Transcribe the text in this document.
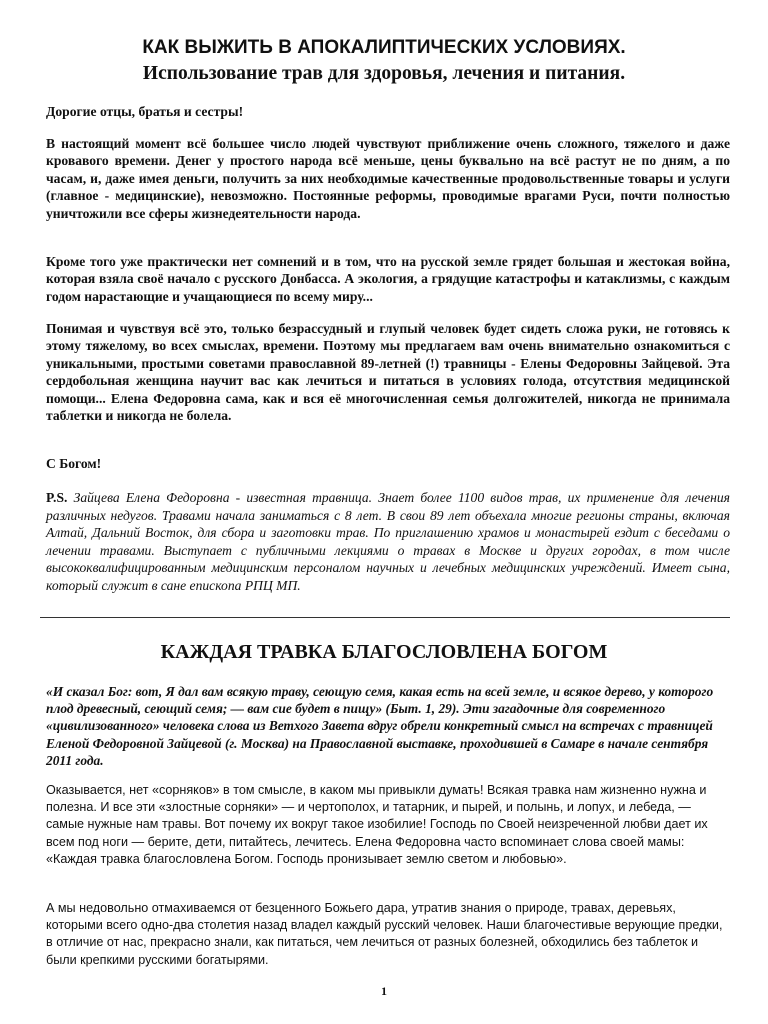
КАК ВЫЖИТЬ В АПОКАЛИПТИЧЕСКИХ УСЛОВИЯХ.
Использование трав для здоровья, лечения и питания.

Дорогие отцы, братья и сестры!

В настоящий момент всё большее число людей чувствуют приближение очень сложного, тяжелого и даже кровавого времени. Денег у простого народа всё меньше, цены буквально на всё растут не по дням, а по часам, и, даже имея деньги, получить за них необходимые качественные продовольственные товары и услуги (главное - медицинские), невозможно. Постоянные реформы, проводимые врагами Руси, почти полностью уничтожили все сферы жизнедеятельности народа.

Кроме того уже практически нет сомнений и в том, что на русской земле грядет большая и жестокая война, которая взяла своё начало с русского Донбасса. А экология, а грядущие катастрофы и катаклизмы, с каждым годом нарастающие и учащающиеся по всему миру...

Понимая и чувствуя всё это, только безрассудный и глупый человек будет сидеть сложа руки, не готовясь к этому тяжелому, во всех смыслах, времени. Поэтому мы предлагаем вам очень внимательно ознакомиться с уникальными, простыми советами православной 89-летней (!) травницы - Елены Федоровны Зайцевой. Эта сердобольная женщина научит вас как лечиться и питаться в условиях голода, отсутствия медицинской помощи... Елена Федоровна сама, как и вся её многочисленная семья долгожителей, никогда не принимала таблетки и никогда не болела.

С Богом!

P.S. Зайцева Елена Федоровна - известная травница. Знает более 1100 видов трав, их применение для лечения различных недугов. Травами начала заниматься с 8 лет. В свои 89 лет объехала многие регионы страны, включая Алтай, Дальний Восток, для сбора и заготовки трав. По приглашению храмов и монастырей ездит с беседами о лечении травами. Выступает с публичными лекциями о травах в Москве и других городах, в том числе высококвалифицированным медицинским персоналом научных и лечебных медицинских учреждений. Имеет сына, который служит в сане епископа РПЦ МП.

КАЖДАЯ ТРАВКА БЛАГОСЛОВЛЕНА БОГОМ

«И сказал Бог: вот, Я дал вам всякую траву, сеющую семя, какая есть на всей земле, и всякое дерево, у которого плод древесный, сеющий семя; — вам сие будет в пищу» (Быт. 1, 29). Эти загадочные для современного «цивилизованного» человека слова из Ветхого Завета вдруг обрели конкретный смысл на встречах с травницей Еленой Федоровной Зайцевой (г. Москва) на Православной выставке, проходившей в Самаре в начале сентября 2011 года.

Оказывается, нет «сорняков» в том смысле, в каком мы привыкли думать! Всякая травка нам жизненно нужна и полезна. И все эти «злостные сорняки» — и чертополох, и татарник, и пырей, и полынь, и лопух, и лебеда, — самые нужные нам травы. Вот почему их вокруг такое изобилие! Господь по Своей неизреченной любви дает их всем под ноги — берите, дети, питайтесь, лечитесь. Елена Федоровна часто вспоминает слова своей мамы: «Каждая травка благословлена Богом. Господь пронизывает землю светом и любовью».

А мы недовольно отмахиваемся от безценного Божьего дара, утратив знания о природе, травах, деревьях, которыми всего одно-два столетия назад владел каждый русский человек. Наши благочестивые верующие предки, в отличие от нас, прекрасно знали, как питаться, чем лечиться от разных болезней, обходились без таблеток и были крепкими русскими богатырями.

1
